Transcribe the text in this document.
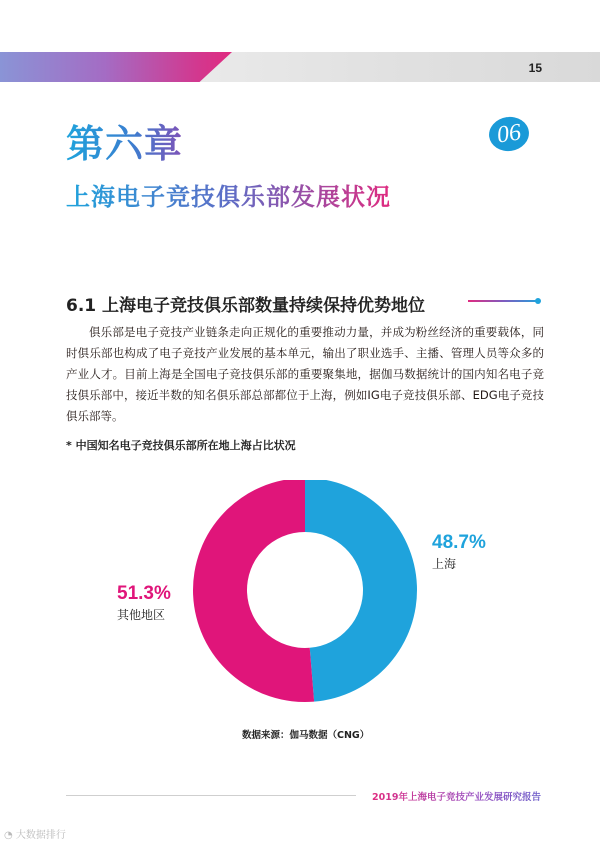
15
第六章	06
上海电子竞技俱乐部发展状况
6.1 上海电子竞技俱乐部数量持续保持优势地位
俱乐部是电子竞技产业链条走向正规化的重要推动力量，并成为粉丝经济的重要载体，同时俱乐部也构成了电子竞技产业发展的基本单元，输出了职业选手、主播、管理人员等众多的产业人才。目前上海是全国电子竞技俱乐部的重要聚集地，据伽马数据统计的国内知名电子竞技俱乐部中，接近半数的知名俱乐部总部都位于上海，例如IG电子竞技俱乐部、EDG电子竞技俱乐部等。
* 中国知名电子竞技俱乐部所在地上海占比状况
48.7%
上海
51.3%
其他地区
数据来源：伽马数据（CNG）
2019年上海电子竞技产业发展研究报告
◔ 大数据排行
